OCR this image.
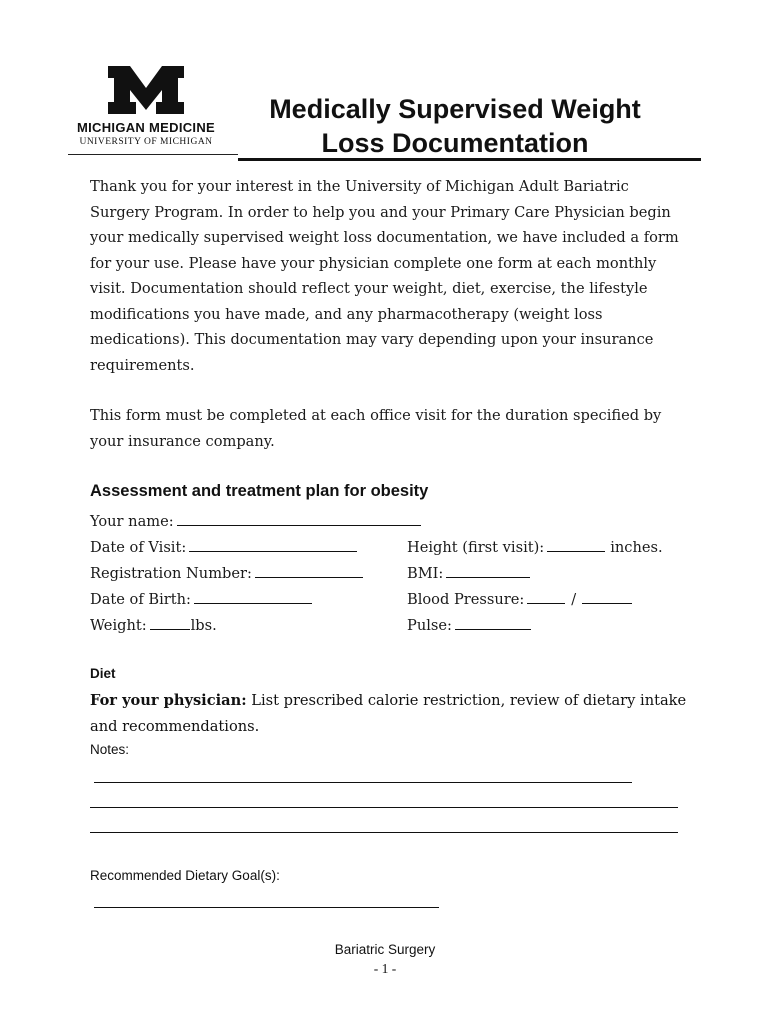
MICHIGAN MEDICINE
UNIVERSITY OF MICHIGAN
Medically Supervised Weight
Loss Documentation
Thank you for your interest in the University of Michigan Adult Bariatric Surgery Program. In order to help you and your Primary Care Physician begin your medically supervised weight loss documentation, we have included a form for your use. Please have your physician complete one form at each monthly visit. Documentation should reflect your weight, diet, exercise, the lifestyle modifications you have made, and any pharmacotherapy (weight loss medications). This documentation may vary depending upon your insurance requirements.
This form must be completed at each office visit for the duration specified by your insurance company.
Assessment and treatment plan for obesity
Your name:
Date of Visit:	Height (first visit):	inches.
Registration Number:	BMI:
Date of Birth:	Blood Pressure:	/
Weight:	lbs.	Pulse:
Diet
For your physician: List prescribed calorie restriction, review of dietary intake and recommendations.
Notes:
Recommended Dietary Goal(s):
Bariatric Surgery
- 1 -
